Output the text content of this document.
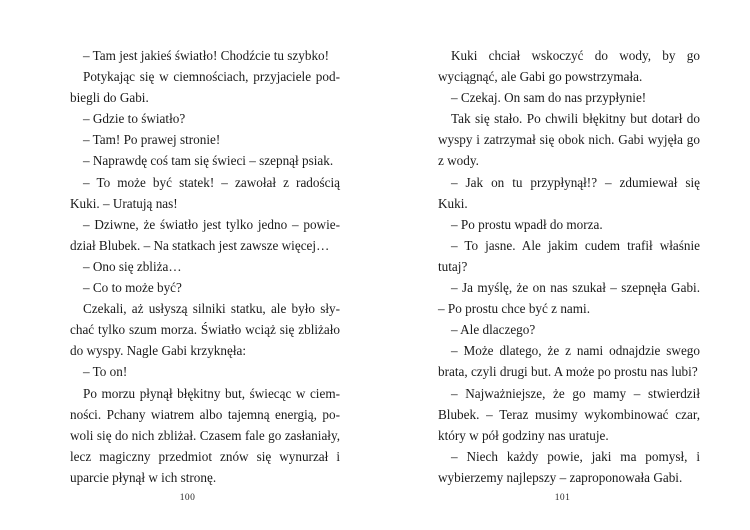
– Tam jest jakieś światło! Chodźcie tu szybko!

Potykając się w ciemnościach, przyjaciele podbiegli do Gabi.

– Gdzie to światło?

– Tam! Po prawej stronie!

– Naprawdę coś tam się świeci – szepnął psiak.

– To może być statek! – zawołał z radością Kuki. – Uratują nas!

– Dziwne, że światło jest tylko jedno – powiedział Blubek. – Na statkach jest zawsze więcej…

– Ono się zbliża…

– Co to może być?

Czekali, aż usłyszą silniki statku, ale było słychać tylko szum morza. Światło wciąż się zbliżało do wyspy. Nagle Gabi krzyknęła:

– To on!

Po morzu płynął błękitny but, świecąc w ciemności. Pchany wiatrem albo tajemną energią, powoli się do nich zbliżał. Czasem fale go zasłaniały, lecz magiczny przedmiot znów się wynurzał i uparcie płynął w ich stronę.

100

Kuki chciał wskoczyć do wody, by go wyciągnąć, ale Gabi go powstrzymała.

– Czekaj. On sam do nas przypłynie!

Tak się stało. Po chwili błękitny but dotarł do wyspy i zatrzymał się obok nich. Gabi wyjęła go z wody.

– Jak on tu przypłynął!? – zdumiewał się Kuki.

– Po prostu wpadł do morza.

– To jasne. Ale jakim cudem trafił właśnie tutaj?

– Ja myślę, że on nas szukał – szepnęła Gabi. – Po prostu chce być z nami.

– Ale dlaczego?

– Może dlatego, że z nami odnajdzie swego brata, czyli drugi but. A może po prostu nas lubi?

– Najważniejsze, że go mamy – stwierdził Blubek. – Teraz musimy wykombinować czar, który w pół godziny nas uratuje.

– Niech każdy powie, jaki ma pomysł, i wybierzemy najlepszy – zaproponowała Gabi.

101
